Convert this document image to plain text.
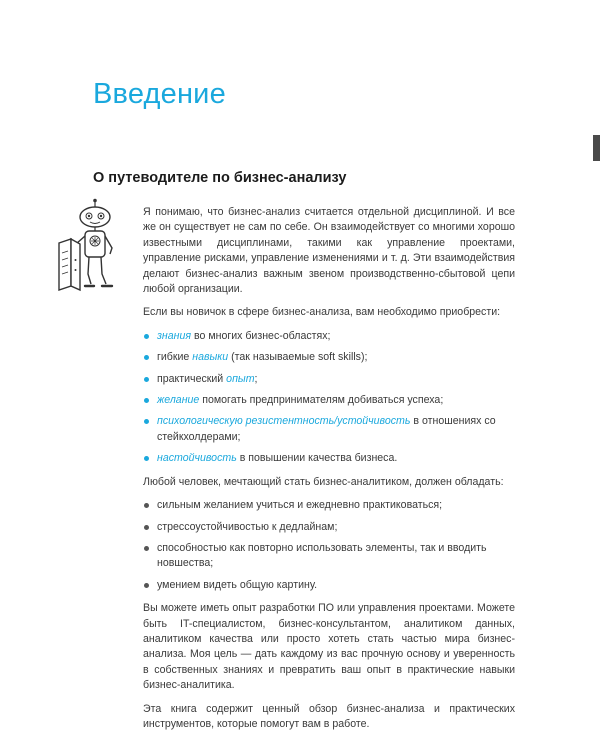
Введение
О путеводителе по бизнес-анализу

Я понимаю, что бизнес-анализ считается отдельной дисциплиной. И все же он существует не сам по себе. Он взаимодействует со многими хорошо известными дисциплинами, такими как управление проектами, управление рисками, управление изменениями и т. д. Эти взаимодействия делают бизнес-анализ важным звеном производственно-сбытовой цепи любой организации.

Если вы новичок в сфере бизнес-анализа, вам необходимо приобрести:

знания во многих бизнес-областях;
гибкие навыки (так называемые soft skills);
практический опыт;
желание помогать предпринимателям добиваться успеха;
психологическую резистентность/устойчивость в отношениях со стейкхолдерами;
настойчивость в повышении качества бизнеса.

Любой человек, мечтающий стать бизнес-аналитиком, должен обладать:

сильным желанием учиться и ежедневно практиковаться;
стрессоустойчивостью к дедлайнам;
способностью как повторно использовать элементы, так и вводить новшества;
умением видеть общую картину.

Вы можете иметь опыт разработки ПО или управления проектами. Можете быть IT-специалистом, бизнес-консультантом, аналитиком данных, аналитиком качества или просто хотеть стать частью мира бизнес-анализа. Моя цель — дать каждому из вас прочную основу и уверенность в собственных знаниях и превратить ваш опыт в практические навыки бизнес-аналитика.

Эта книга содержит ценный обзор бизнес-анализа и практических инструментов, которые помогут вам в работе.
